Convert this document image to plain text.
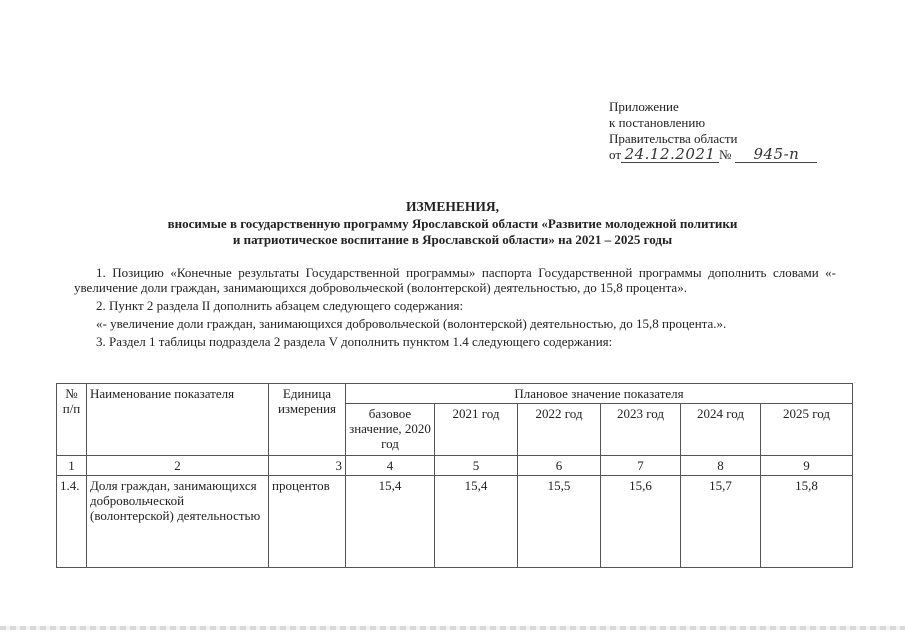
Приложение
к постановлению
Правительства области
от 24.12.2021 №	945-п
ИЗМЕНЕНИЯ,
вносимые в государственную программу Ярославской области «Развитие молодежной политики
и патриотическое воспитание в Ярославской области» на 2021 – 2025 годы

1. Позицию «Конечные результаты Государственной программы» паспорта Государственной программы дополнить словами «- увеличение доли граждан, занимающихся добровольческой (волонтерской) деятельностью, до 15,8 процента».

2. Пункт 2 раздела II дополнить абзацем следующего содержания:

«- увеличение доли граждан, занимающихся добровольческой (волонтерской) деятельностью, до 15,8 процента.».

3. Раздел 1 таблицы подраздела 2 раздела V дополнить пунктом 1.4 следующего содержания:

№ п/п	Наименование показателя	Единица измерения	Плановое значение показателя					
			базовое значение, 2020 год	2021 год	2022 год	2023 год	2024 год	2025 год
1	2	3	4	5	6	7	8	9
1.4.	Доля граждан, занимающихся добровольческой (волонтерской) деятельностью	процентов	15,4	15,4	15,5	15,6	15,7	15,8
